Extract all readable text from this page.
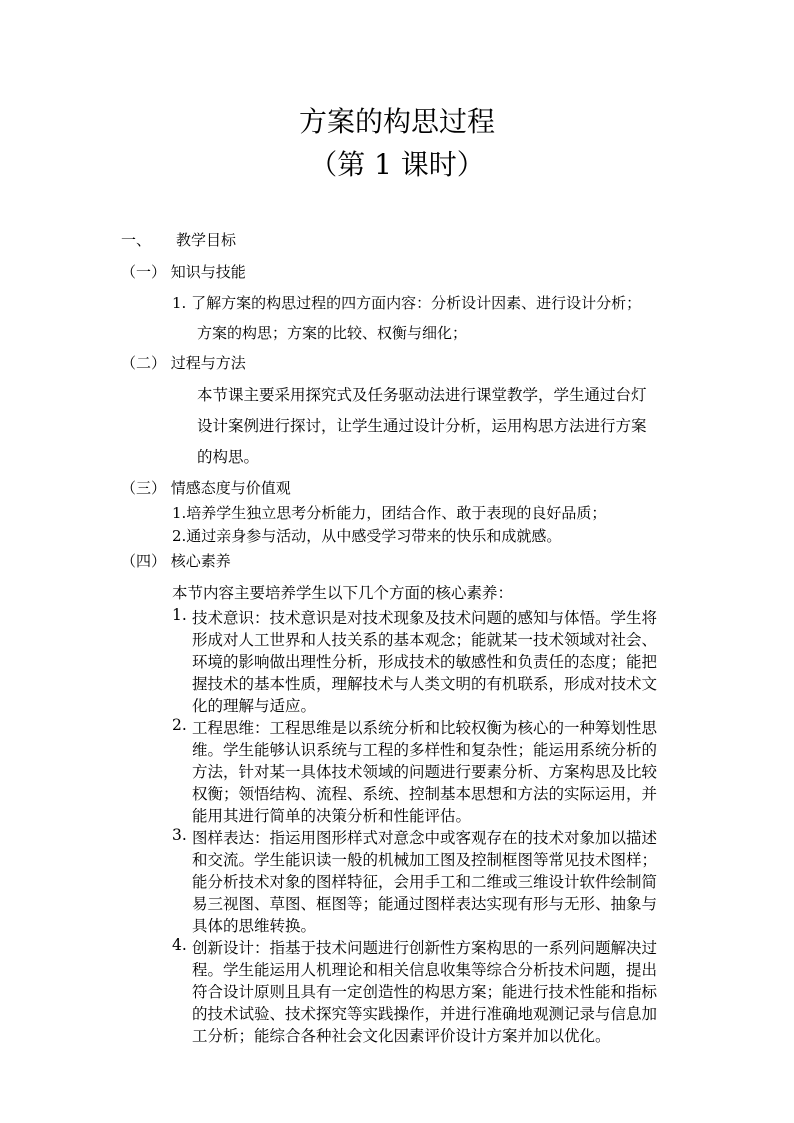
方案的构思过程
（第 1 课时）
一、 教学目标
（一） 知识与技能
1. 了解方案的构思过程的四方面内容：分析设计因素、进行设计分析；
方案的构思；方案的比较、权衡与细化；
（二） 过程与方法
本节课主要采用探究式及任务驱动法进行课堂教学，学生通过台灯
设计案例进行探讨，让学生通过设计分析，运用构思方法进行方案
的构思。
（三） 情感态度与价值观
1.培养学生独立思考分析能力，团结合作、敢于表现的良好品质；
2.通过亲身参与活动，从中感受学习带来的快乐和成就感。
（四） 核心素养
本节内容主要培养学生以下几个方面的核心素养：
1. 技术意识：技术意识是对技术现象及技术问题的感知与体悟。学生将
形成对人工世界和人技关系的基本观念；能就某一技术领域对社会、
环境的影响做出理性分析，形成技术的敏感性和负责任的态度；能把
握技术的基本性质，理解技术与人类文明的有机联系，形成对技术文
化的理解与适应。
2. 工程思维：工程思维是以系统分析和比较权衡为核心的一种筹划性思
维。学生能够认识系统与工程的多样性和复杂性；能运用系统分析的
方法，针对某一具体技术领域的问题进行要素分析、方案构思及比较
权衡；领悟结构、流程、系统、控制基本思想和方法的实际运用，并
能用其进行简单的决策分析和性能评估。
3. 图样表达：指运用图形样式对意念中或客观存在的技术对象加以描述
和交流。学生能识读一般的机械加工图及控制框图等常见技术图样；
能分析技术对象的图样特征，会用手工和二维或三维设计软件绘制简
易三视图、草图、框图等；能通过图样表达实现有形与无形、抽象与
具体的思维转换。
4. 创新设计：指基于技术问题进行创新性方案构思的一系列问题解决过
程。学生能运用人机理论和相关信息收集等综合分析技术问题，提出
符合设计原则且具有一定创造性的构思方案；能进行技术性能和指标
的技术试验、技术探究等实践操作，并进行准确地观测记录与信息加
工分析；能综合各种社会文化因素评价设计方案并加以优化。
